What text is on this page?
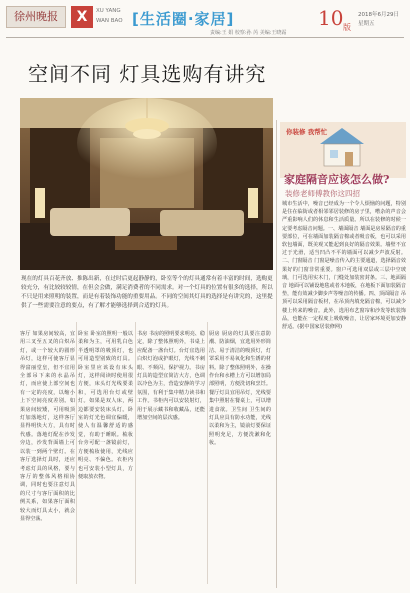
徐州晚报	X	XU YANG
WAN BAO [生活圈·家居]	10 版
2018年6月29日
星期五
责编:王 娟 校察:孙 芮 美编:王晓霜
空间不同 灯具选购有讲究
现在的灯具百花齐放、推陈出新，在过时后更起静静的，卧室等个的灯具通常有着丰富的时间，选购更较充分，有比较较较情，在但会会做，满足消费者的不同需求。对一个灯具的位置有很多的选择，所以不只是用来照明的装置，而是有着装饰功能的重要用品。不同的空间其灯具的选择是有讲究的，这里提供了一些需要注意的要点，有了解才能够选择到合适的灯具。
你装修 我帮忙
家庭隔音应该怎么做?
装修老师傅教你这四招
城市生活中，噪音已经成为一个令人烦恼的问题，特别是住在临街或者相邻邻居装修的房子里，嘈杂的声音会严重影响人们的休息和生活质量。所以在装修的时候一定要考虑隔音问题。一、墙面隔音 墙面是房屋隔音的重要部位，可在墙面加装隔音棉或者吸音板，也可以采用软包墙面，既美观又能起到良好的隔音效果。墙壁不宜过于光滑，适当凹凸不平的墙面可以减少声波反射。二、门窗隔音 门窗是噪音传入的主要通道，选择隔音效果好的门窗非常重要。窗户可选用双层或三层中空玻璃，门可选用实木门，门缝处加装密封条。三、地面隔音 地面可以铺设地毯或者木地板，在地板下面加装隔音垫，能有效减少脚步声等噪音的传播。四、顶面隔音 吊顶可以采用隔音板材，在吊顶内填充隔音棉，可以减少楼上传来的噪音。此外，选用布艺窗帘和沙发等软装饰品，也能在一定程度上吸收噪音，让居家环境更加安静舒适。(据中国家居装修网)
客厅 如果房间较高，宜用三叉至五叉的白炽吊灯，或一个较大的圆形吊灯，这样可使客厅显得富丽堂皇，但不宜用全部吊下来的水晶吊灯，而应使上部空间也有一定的亮度，以缩小上下空间亮度差别。如果房间较矮，可用吸顶灯加落地灯，这样客厅显得明快大方，具有时代感。落地灯配在沙发旁边，沙发背面墙上可以装一到两个壁灯。在客厅选择灯具时，还应考虑灯具的风格，要与客厅的整体风格相协调，同时也要注意灯具的尺寸与客厅面积的比例关系，如果客厅面积较大而灯具太小，就会显得空荡。
卧室 卧室的照明一般以柔和为主，可用乳白色半透明罩的吸顶灯，也可用造型别致的灯具。卧室里应该设有床头灯，这样阅读时使用很方便，床头灯光线要柔和，可选用台灯或壁灯。如果是双人床，两边都要安装床头灯。卧室的灯光色调宜偏暖，使人有温馨舒适的感觉，有助于睡眠。梳妆台旁可配一盏镜前灯，方便梳妆使用，光线应明亮、不偏色。衣柜内也可安装小型灯具，方便取放衣物。
书房 书房的照明要求明亮、稳定，除了整体照明外，书桌上应配备一盏台灯。台灯宜选用白炽灯泡或护眼灯，光线不刺眼、不频闪，保护视力。书房灯具的造型宜简洁大方，色调以冷色为主，营造安静的学习氛围，有利于集中精力读书和工作。书柜内可以安装射灯，用于展示藏书和收藏品，还能增加空间的层次感。
厨房 厨房的灯具要注意防潮、防油烟，宜选用外形简洁、易于清洁的吸顶灯，灯罩采用不易氧化和生锈的材料。除了整体照明外，在操作台和水槽上方可以增加局部照明，方便洗切和烹饪。餐厅灯具宜用吊灯，光线要集中照射在餐桌上，可以增进食欲。卫生间 卫生间的灯具应具有防水功能，光线以柔和为主，镜前灯要保证照明充足，方便洗漱和化妆。
